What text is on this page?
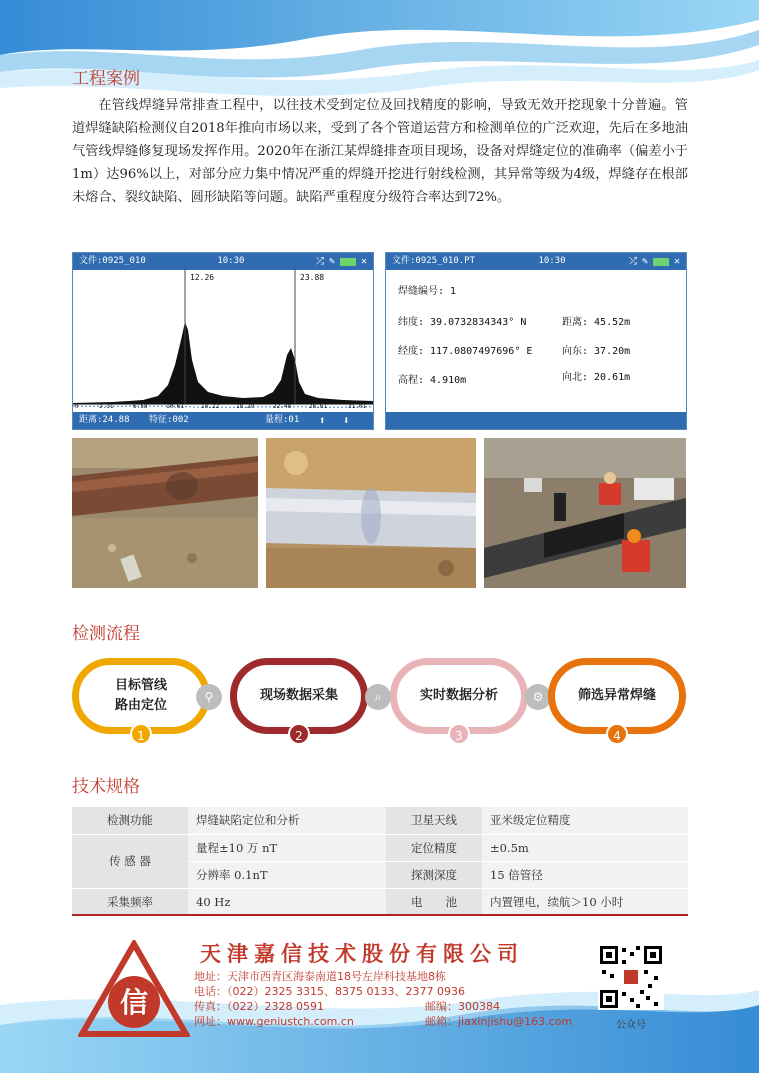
工程案例

在管线焊缝异常排查工程中，以往技术受到定位及回找精度的影响，导致无效开挖现象十分普遍。管道焊缝缺陷检测仪自2018年推向市场以来，受到了各个管道运营方和检测单位的广泛欢迎，先后在多地油气管线焊缝修复现场发挥作用。2020年在浙江某焊缝排查项目现场，设备对焊缝定位的准确率（偏差小于1m）达96%以上，对部分应力集中情况严重的焊缝开挖进行射线检测，其异常等级为4级，焊缝存在根部未熔合、裂纹缺陷、圆形缺陷等问题。缺陷严重程度分级符合率达到72%。

文件:0925_010	10:30	⤮ ✎	✕
12.26	23.88
0	2.31	6.58	10.61	14.22	18.29	22.48	26.61	31.01
距离:24.88 特征:002	量程:01 ⬆ ⬇
文件:0925_010.PT	10:30	⤮ ✎	✕
焊缝编号: 1
纬度: 39.0732834343° N
经度: 117.0807497696° E
高程: 4.910m
距离: 45.52m
向东: 37.20m
向北: 20.61m
检测流程
目标管线
路由定位
1
⚲	现场数据采集
2
⌕	实时数据分析
3
⚙	筛选异常焊缝
4
技术规格
检测功能	焊缝缺陷定位和分析	卫星天线	亚米级定位精度
传 感 器	量程±10 万 nT	定位精度	±0.5m
	分辨率 0.1nT	探测深度	15 倍管径
采集频率	40 Hz	电　　池	内置锂电，续航＞10 小时
信
天津嘉信技术股份有限公司
地址：天津市西青区海泰南道18号左岸科技基地8栋
电话：（022）2325 3315、8375 0133、2377 0936
传真：（022）2328 0591	邮编：300384
网址：www.geniustch.com.cn	邮箱：jiaxinjishu@163.com	公众号
